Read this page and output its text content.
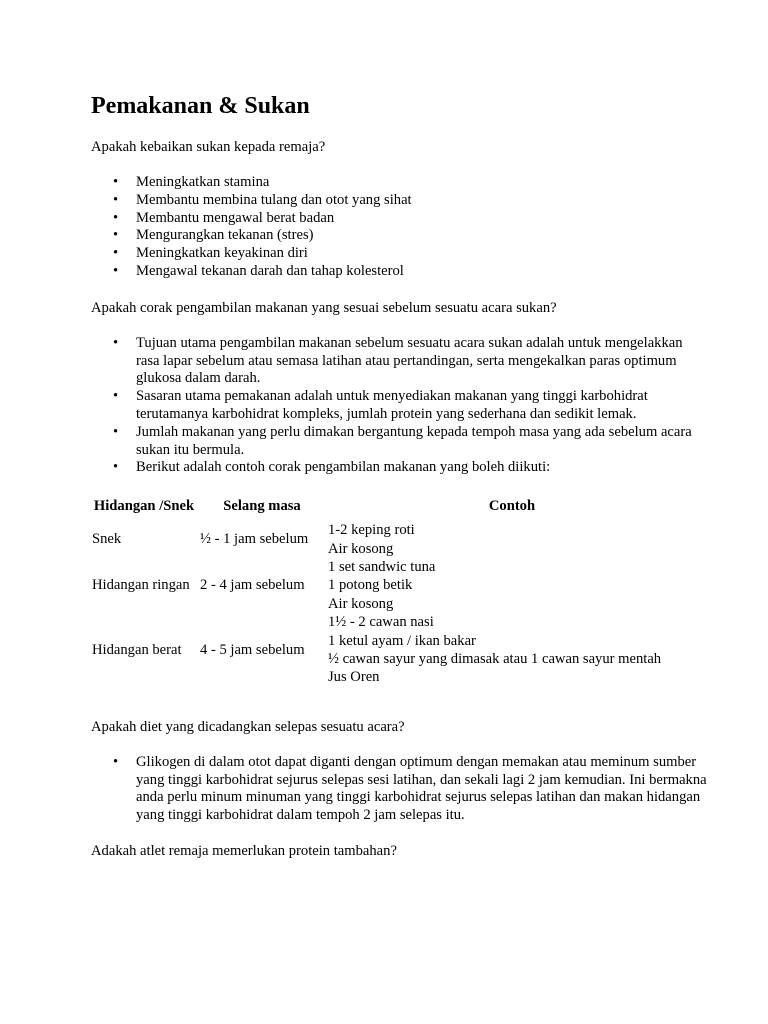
Pemakanan & Sukan

Apakah kebaikan sukan kepada remaja?

• Meningkatkan stamina
• Membantu membina tulang dan otot yang sihat
• Membantu mengawal berat badan
• Mengurangkan tekanan (stres)
• Meningkatkan keyakinan diri
• Mengawal tekanan darah dan tahap kolesterol

Apakah corak pengambilan makanan yang sesuai sebelum sesuatu acara sukan?

• Tujuan utama pengambilan makanan sebelum sesuatu acara sukan adalah untuk mengelakkan rasa lapar sebelum atau semasa latihan atau pertandingan, serta mengekalkan paras optimum glukosa dalam darah.
• Sasaran utama pemakanan adalah untuk menyediakan makanan yang tinggi karbohidrat terutamanya karbohidrat kompleks, jumlah protein yang sederhana dan sedikit lemak.
• Jumlah makanan yang perlu dimakan bergantung kepada tempoh masa yang ada sebelum acara sukan itu bermula.
• Berikut adalah contoh corak pengambilan makanan yang boleh diikuti:
Hidangan /Snek	Selang masa	Contoh
Snek	½ - 1 jam sebelum	1-2 keping roti
Air kosong

Hidangan ringan	2 - 4 jam sebelum	1 set sandwic tuna
1 potong betik
Air kosong

Hidangan berat	4 - 5 jam sebelum	1½ - 2 cawan nasi
1 ketul ayam / ikan bakar
½ cawan sayur yang dimasak atau 1 cawan sayur mentah
Jus Oren

Apakah diet yang dicadangkan selepas sesuatu acara?

• Glikogen di dalam otot dapat diganti dengan optimum dengan memakan atau meminum sumber yang tinggi karbohidrat sejurus selepas sesi latihan, dan sekali lagi 2 jam kemudian. Ini bermakna anda perlu minum minuman yang tinggi karbohidrat sejurus selepas latihan dan makan hidangan yang tinggi karbohidrat dalam tempoh 2 jam selepas itu.

Adakah atlet remaja memerlukan protein tambahan?
